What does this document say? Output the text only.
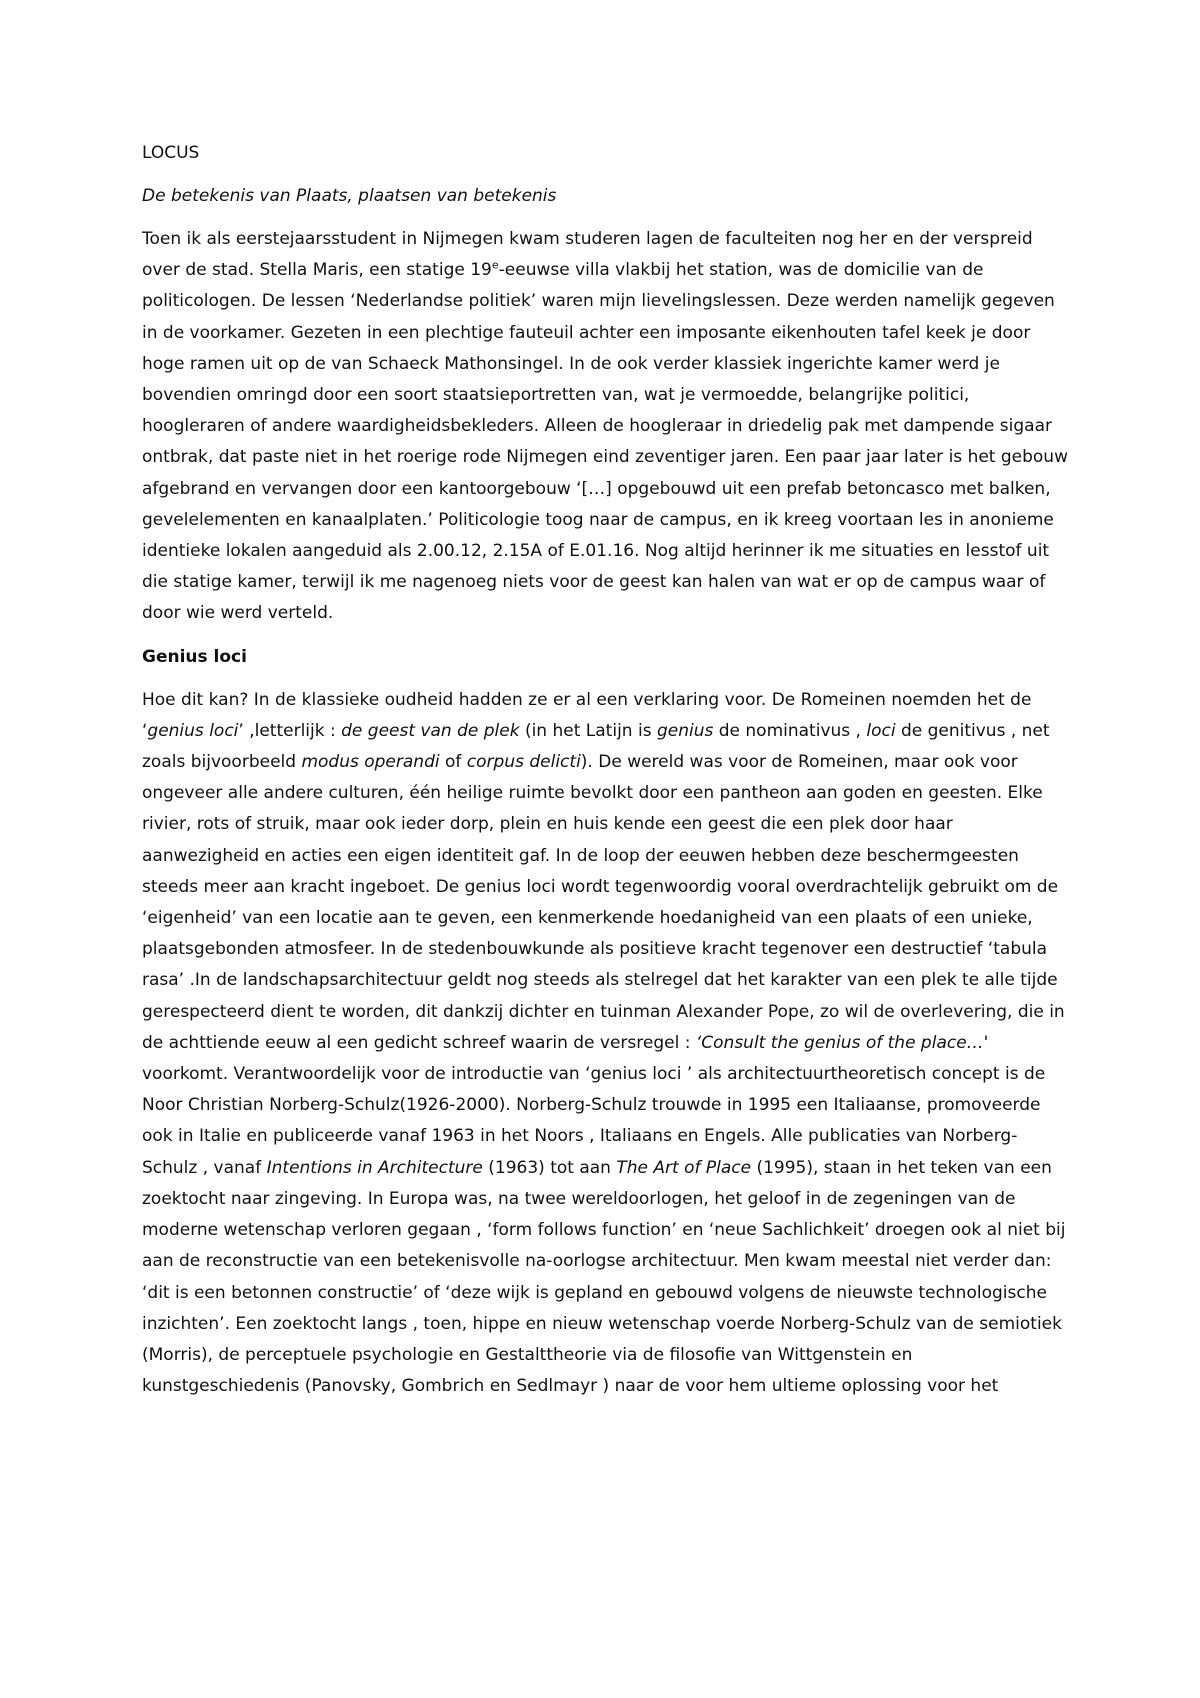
LOCUS
De betekenis van Plaats, plaatsen van betekenis
Toen ik als eerstejaarsstudent in Nijmegen kwam studeren lagen de faculteiten nog her en der verspreid over de stad. Stella Maris, een statige 19e-eeuwse villa vlakbij het station, was de domicilie van de politicologen. De lessen ‘Nederlandse politiek’ waren mijn lievelingslessen. Deze werden namelijk gegeven in de voorkamer. Gezeten in een plechtige fauteuil achter een imposante eikenhouten tafel keek je door hoge ramen uit op de van Schaeck Mathonsingel. In de ook verder klassiek ingerichte kamer werd je bovendien omringd door een soort staatsieportretten van, wat je vermoedde, belangrijke politici, hoogleraren of andere waardigheidsbekleders. Alleen de hoogleraar in driedelig pak met dampende sigaar ontbrak, dat paste niet in het roerige rode Nijmegen eind zeventiger jaren. Een paar jaar later is het gebouw afgebrand en vervangen door een kantoorgebouw ‘[…] opgebouwd uit een prefab betoncasco met balken, gevelelementen en kanaalplaten.’ Politicologie toog naar de campus, en ik kreeg voortaan les in anonieme identieke lokalen aangeduid als 2.00.12, 2.15A of E.01.16. Nog altijd herinner ik me situaties en lesstof uit die statige kamer, terwijl ik me nagenoeg niets voor de geest kan halen van wat er op de campus waar of door wie werd verteld.
Genius loci
Hoe dit kan? In de klassieke oudheid hadden ze er al een verklaring voor. De Romeinen noemden het de ‘genius loci’ ,letterlijk : de geest van de plek (in het Latijn is genius de nominativus , loci de genitivus , net zoals bijvoorbeeld modus operandi of corpus delicti). De wereld was voor de Romeinen, maar ook voor ongeveer alle andere culturen, één heilige ruimte bevolkt door een pantheon aan goden en geesten. Elke rivier, rots of struik, maar ook ieder dorp, plein en huis kende een geest die een plek door haar aanwezigheid en acties een eigen identiteit gaf. In de loop der eeuwen hebben deze beschermgeesten steeds meer aan kracht ingeboet. De genius loci wordt tegenwoordig vooral overdrachtelijk gebruikt om de ‘eigenheid’ van een locatie aan te geven, een kenmerkende hoedanigheid van een plaats of een unieke, plaatsgebonden atmosfeer. In de stedenbouwkunde als positieve kracht tegenover een destructief ‘tabula rasa’ .In de landschapsarchitectuur geldt nog steeds als stelregel dat het karakter van een plek te alle tijde gerespecteerd dient te worden, dit dankzij dichter en tuinman Alexander Pope, zo wil de overlevering, die in de achttiende eeuw al een gedicht schreef waarin de versregel : ‘Consult the genius of the place…' voorkomt. Verantwoordelijk voor de introductie van ‘genius loci ’ als architectuurtheoretisch concept is de Noor Christian Norberg-Schulz(1926-2000). Norberg-Schulz trouwde in 1995 een Italiaanse, promoveerde ook in Italie en publiceerde vanaf 1963 in het Noors , Italiaans en Engels. Alle publicaties van Norberg-Schulz , vanaf Intentions in Architecture (1963) tot aan The Art of Place (1995), staan in het teken van een zoektocht naar zingeving. In Europa was, na twee wereldoorlogen, het geloof in de zegeningen van de moderne wetenschap verloren gegaan , ‘form follows function’ en ‘neue Sachlichkeit’ droegen ook al niet bij aan de reconstructie van een betekenisvolle na-oorlogse architectuur. Men kwam meestal niet verder dan: ‘dit is een betonnen constructie’ of ‘deze wijk is gepland en gebouwd volgens de nieuwste technologische inzichten’. Een zoektocht langs , toen, hippe en nieuw wetenschap voerde Norberg-Schulz van de semiotiek (Morris), de perceptuele psychologie en Gestalttheorie via de filosofie van Wittgenstein en kunstgeschiedenis (Panovsky, Gombrich en Sedlmayr ) naar de voor hem ultieme oplossing voor het
